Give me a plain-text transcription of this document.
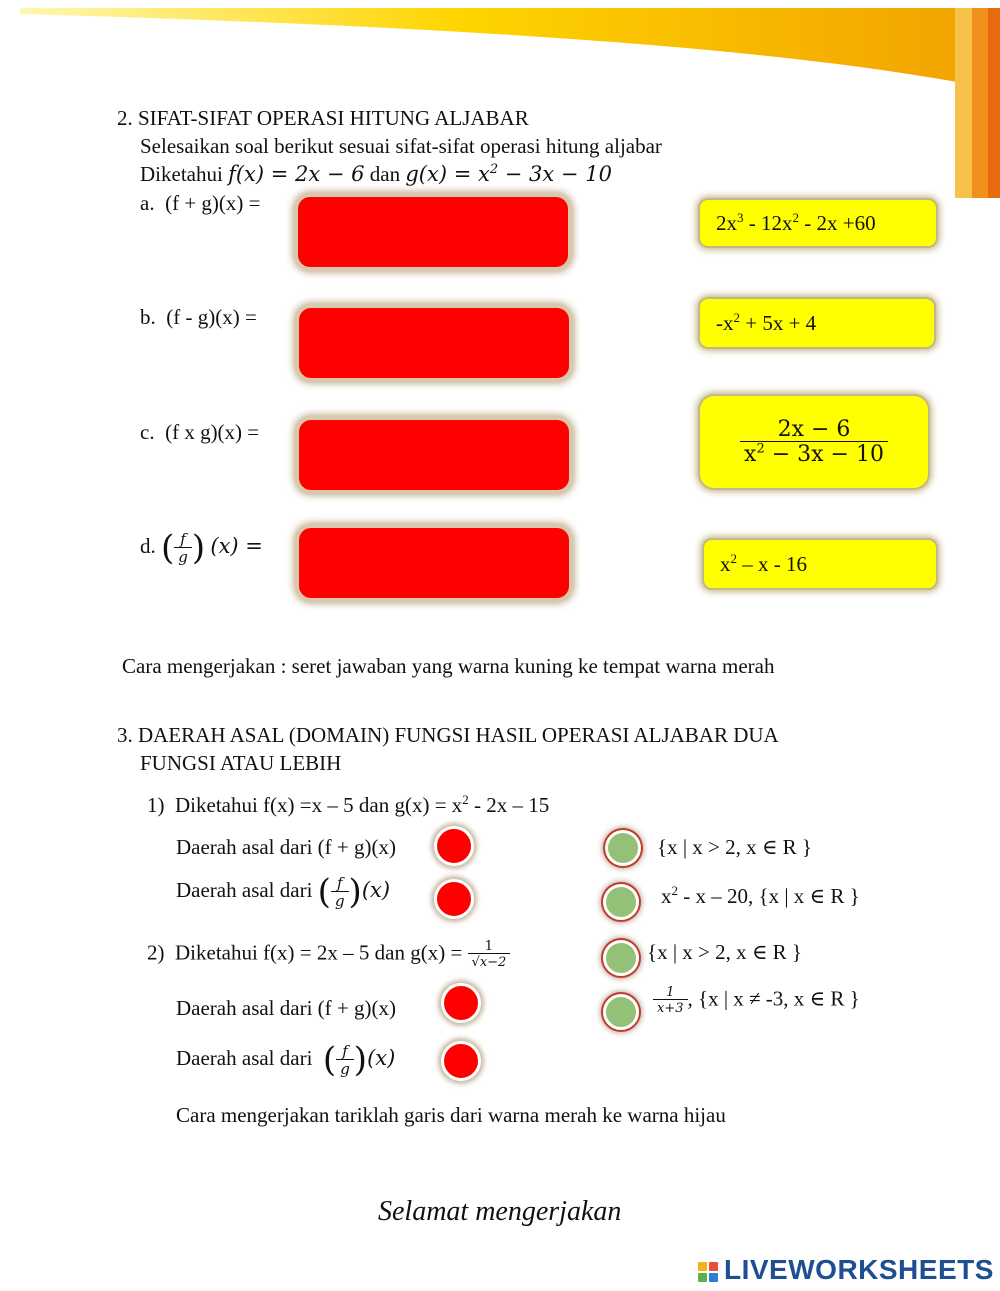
2. SIFAT-SIFAT OPERASI HITUNG ALJABAR
Selesaikan soal berikut sesuai sifat-sifat operasi hitung aljabar
Diketahui f(x) = 2x − 6 dan $g(x) = x^2 - 3x - 10$
a. (f + g)(x) =
b. (f - g)(x) =
c. (f x g)(x) =
d. ( $\frac{f}{g}$ ) (x) =
$2x^3 - 12x^2 - 2x +60$
$-x^2 + 5x + 4$
$\frac{2x - 6}{x^2 - 3x - 10}$
$x^2$ – x - 16
Cara mengerjakan : seret jawaban yang warna kuning ke tempat warna merah
3. DAERAH ASAL (DOMAIN) FUNGSI HASIL OPERASI ALJABAR DUA
FUNGSI ATAU LEBIH
1) Diketahui f(x) =x – 5 dan $g(x) = x^2 - 2x - 15$
Daerah asal dari (f + g)(x)
Daerah asal dari ( $\frac{f}{g} )(x)$
2) Diketahui f(x) = 2x – 5 dan $g(x) = \frac{1}{√x-2}$
Daerah asal dari (f + g)(x)
Daerah asal dari ( $\frac{f}{g} )(x)$
{x | x > 2, x ∈ R }
$x^2$ - x – 20, {x | x ∈ R }
{x | x > 2, x ∈ R }
$\frac{1}{x+3}$ , {x | x ≠ -3, x ∈ R }
Cara mengerjakan tariklah garis dari warna merah ke warna hijau
Selamat mengerjakan
LIVEWORKSHEETS
